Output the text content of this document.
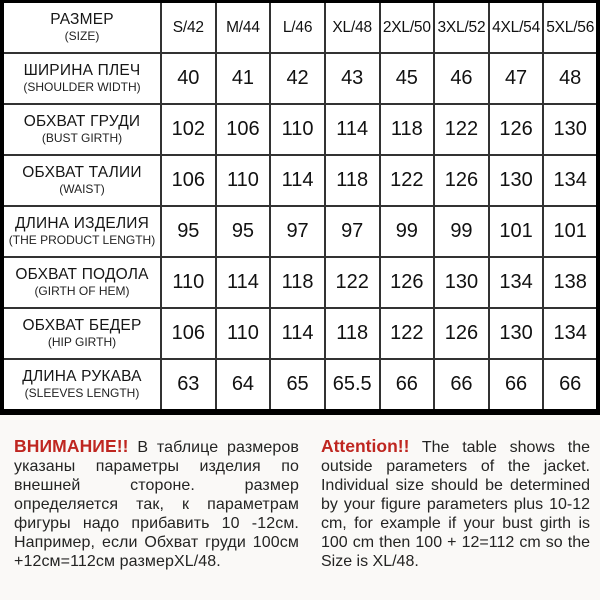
РАЗМЕР
(SIZE)	S/42	M/44	L/46	XL/48	2XL/50	3XL/52	4XL/54	5XL/56

ШИРИНА ПЛЕЧ
(SHOULDER WIDTH)	40	41	42	43	45	46	47	48

ОБХВАТ ГРУДИ
(BUST GIRTH)	102	106	110	114	118	122	126	130

ОБХВАТ ТАЛИИ
(WAIST)	106	110	114	118	122	126	130	134

ДЛИНА ИЗДЕЛИЯ
(THE PRODUCT LENGTH)	95	95	97	97	99	99	101	101

ОБХВАТ ПОДОЛА
(GIRTH OF HEM)	110	114	118	122	126	130	134	138

ОБХВАТ БЕДЕР
(HIP GIRTH)	106	110	114	118	122	126	130	134

ДЛИНА РУКАВА
(SLEEVES LENGTH)	63	64	65	65.5	66	66	66	66

ВНИМАНИЕ!! В таблице размеров указаны параметры изделия по внешней стороне. размер определяется так, к параметрам фигуры надо прибавить 10 -12см. Например, если Обхват груди 100см +12см=112см размерXL/48.

Attention!! The table shows the outside parameters of the jacket. Individual size should be determined by your figure parameters plus 10-12 cm, for example if your bust girth is 100 cm then 100 + 12=112 cm so the Size is XL/48.
